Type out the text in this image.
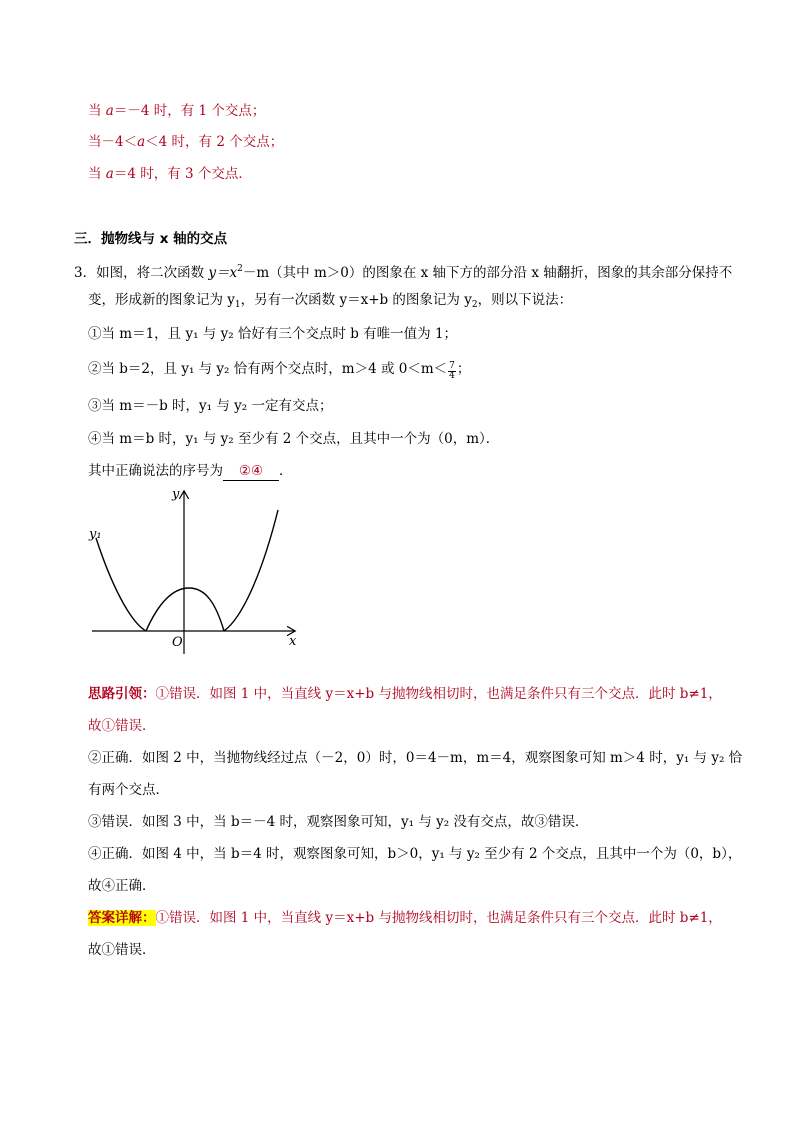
当 a＝－4 时，有 1 个交点；
当－4＜a＜4 时，有 2 个交点；
当 a＝4 时，有 3 个交点．
三．抛物线与 x 轴的交点
3．如图，将二次函数 $y=x^2-m$（其中 m＞0）的图象在 x 轴下方的部分沿 x 轴翻折，图象的其余部分保持不
变，形成新的图象记为 $y_1$，另有一次函数 y＝x+b 的图象记为 $y_2$，则以下说法：
①当 m＝1，且 y₁ 与 y₂ 恰好有三个交点时 b 有唯一值为 1；
②当 b＝2，且 y₁ 与 y₂ 恰有两个交点时，m＞4 或 $0<m< \frac{7}{4}$ ；
③当 m＝－b 时，y₁ 与 y₂ 一定有交点；
④当 m＝b 时，y₁ 与 y₂ 至少有 2 个交点，且其中一个为（0，m）．
其中正确说法的序号为 ②④ ．
y
x
O
y₁
思路引领：①错误．如图 1 中，当直线 y＝x+b 与抛物线相切时，也满足条件只有三个交点．此时 b≠1，
故①错误．
②正确．如图 2 中，当抛物线经过点（－2，0）时，0＝4－m，m＝4，观察图象可知 m＞4 时，y₁ 与 y₂ 恰
有两个交点．
③错误．如图 3 中，当 b＝－4 时，观察图象可知，y₁ 与 y₂ 没有交点，故③错误．
④正确．如图 4 中，当 b＝4 时，观察图象可知，b＞0，y₁ 与 y₂ 至少有 2 个交点，且其中一个为（0，b），
故④正确．
答案详解：①错误．如图 1 中，当直线 y＝x+b 与抛物线相切时，也满足条件只有三个交点．此时 b≠1，
故①错误．
